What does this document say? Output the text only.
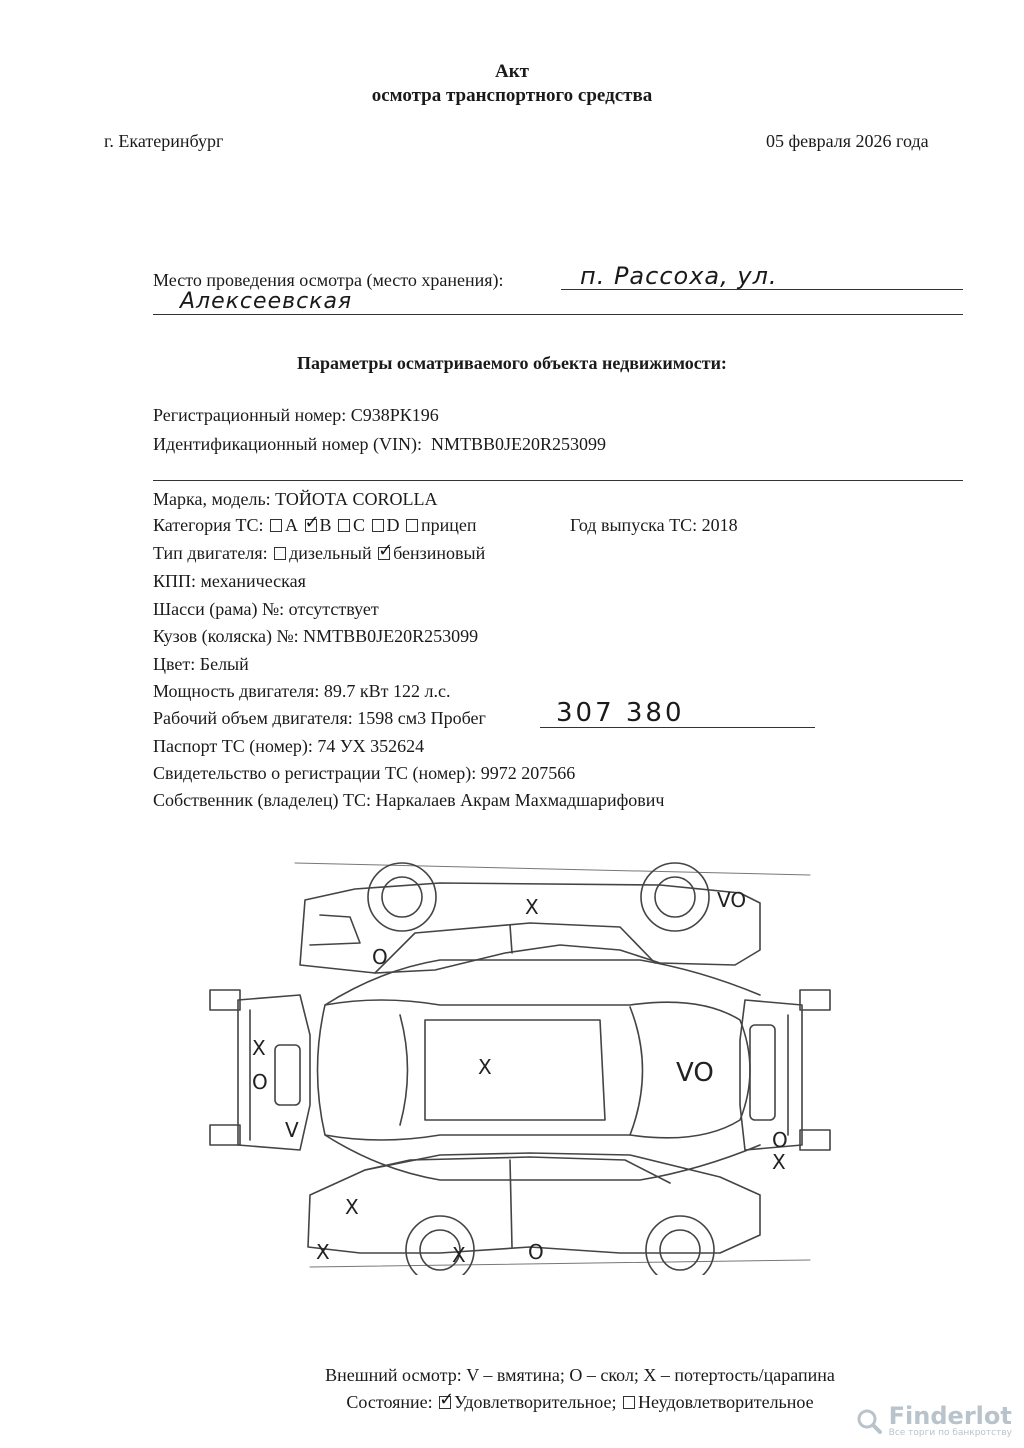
Акт
осмотра транспортного средства
г. Екатеринбург	05 февраля 2026 года
Место проведения осмотра (место хранения):	п. Рассоха, ул.
Алексеевская
Параметры осматриваемого объекта недвижимости:
Регистрационный номер: С938РК196
Идентификационный номер (VIN): NMTBB0JE20R253099
Марка, модель: ТОЙОТА COROLLA
Категория ТС: А ✓ В С D прицеп	Год выпуска ТС: 2018
Тип двигателя: дизельный ✓ бензиновый
КПП: механическая
Шасси (рама) №: отсутствует
Кузов (коляска) №: NMTBB0JE20R253099
Цвет: Белый
Мощность двигателя: 89.7 кВт 122 л.с.
Рабочий объем двигателя: 1598 см3 Пробег	307 380
Паспорт ТС (номер): 74 УХ 352624
Свидетельство о регистрации ТС (номер): 9972 207566
Собственник (владелец) ТС: Наркалаев Акрам Махмадшарифович
X
O
VO
X
O
V
X	VO
O
X
X
X	X	O
Внешний осмотр: V – вмятина; O – скол; X – потертость/царапина
Состояние: ✓ Удовлетворительное; Неудовлетворительное	Finderlot
Все торги по банкротству
